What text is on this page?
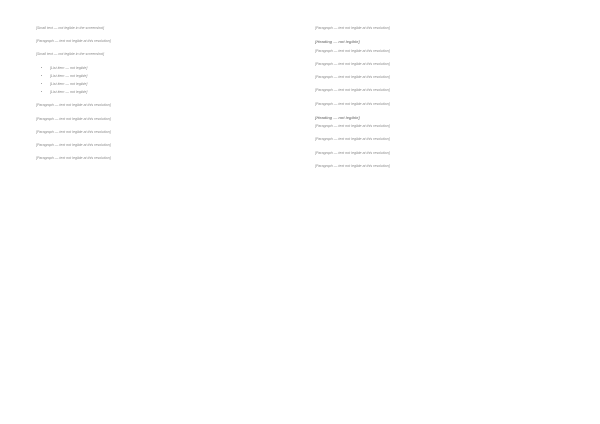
[Small text — not legible in the screenshot]
[Paragraph — text not legible at this resolution]
[Small text — not legible in the screenshot]
• [List item — not legible]
• [List item — not legible]
• [List item — not legible]
• [List item — not legible]
[Paragraph — text not legible at this resolution]
[Paragraph — text not legible at this resolution]
[Paragraph — text not legible at this resolution]
[Paragraph — text not legible at this resolution]
[Paragraph — text not legible at this resolution]
[Paragraph — text not legible at this resolution]
[Heading — not legible]
[Paragraph — text not legible at this resolution]
[Paragraph — text not legible at this resolution]
[Paragraph — text not legible at this resolution]
[Paragraph — text not legible at this resolution]
[Paragraph — text not legible at this resolution]
[Heading — not legible]
[Paragraph — text not legible at this resolution]
[Paragraph — text not legible at this resolution]
[Paragraph — text not legible at this resolution]
[Paragraph — text not legible at this resolution]
